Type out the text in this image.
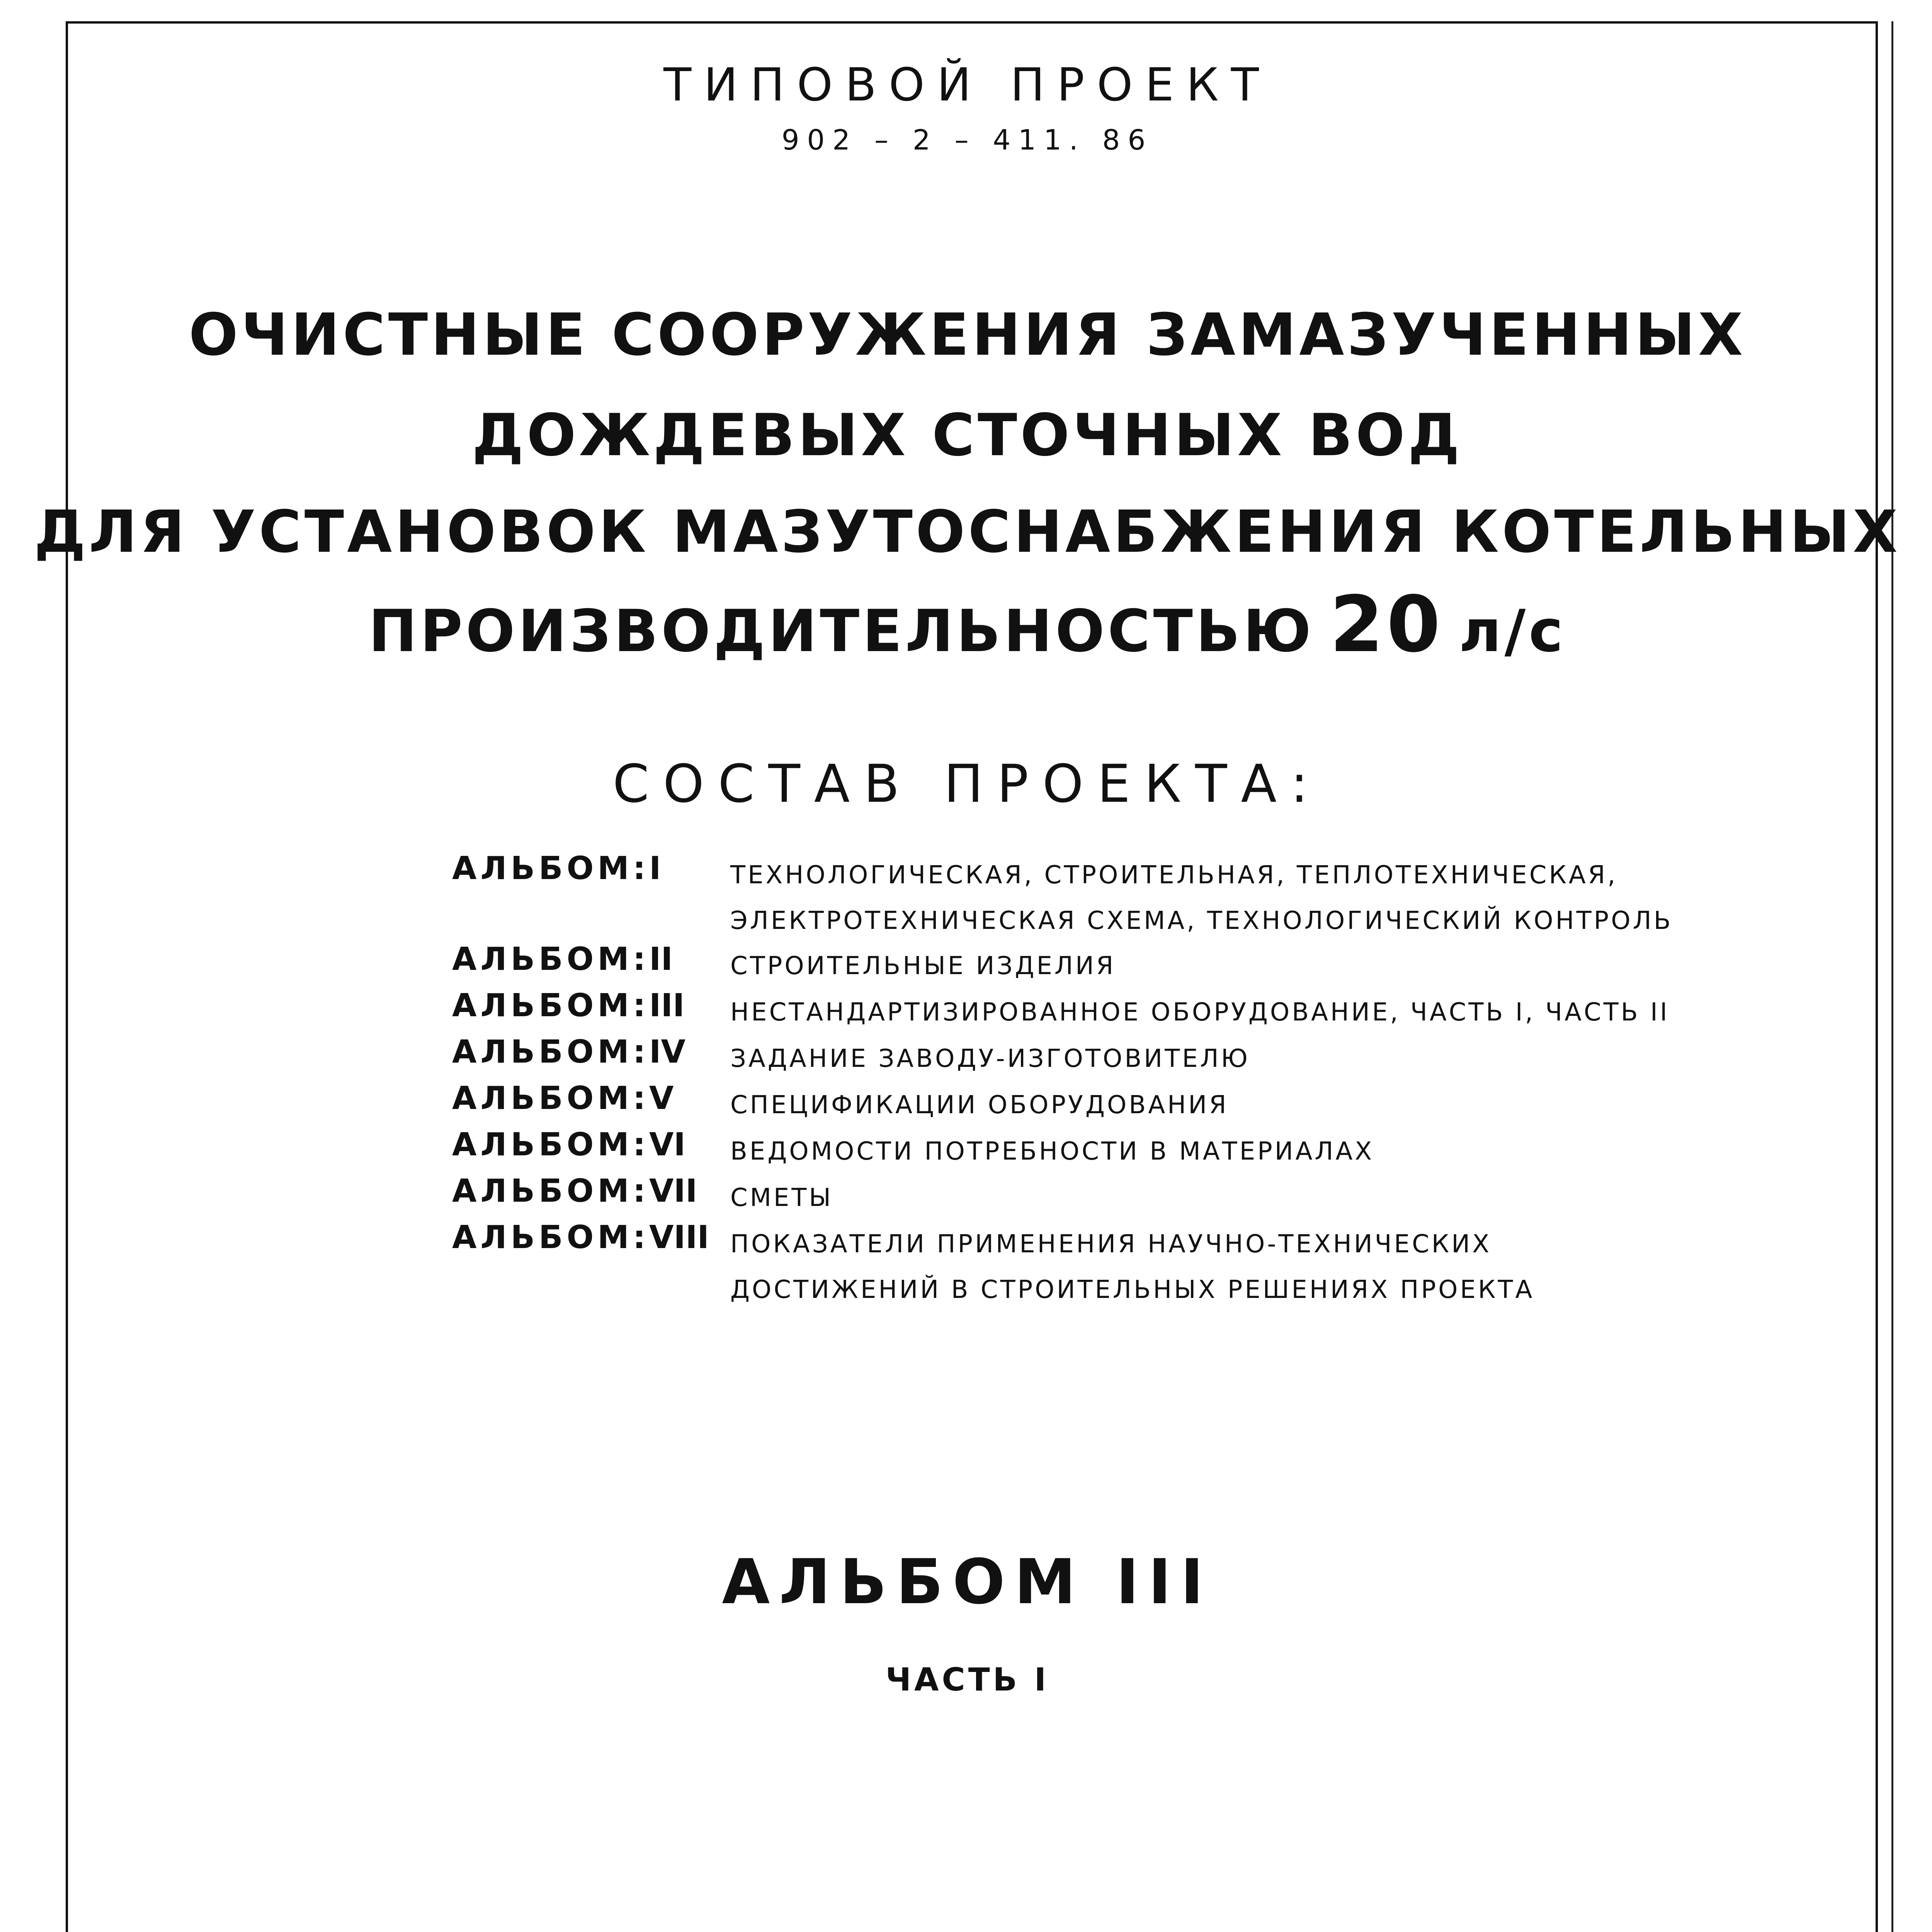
ТИПОВОЙ ПРОЕКТ
902 – 2 – 411. 86
ОЧИСТНЫЕ СООРУЖЕНИЯ ЗАМАЗУЧЕННЫХ
ДОЖДЕВЫХ СТОЧНЫХ ВОД
ДЛЯ УСТАНОВОК МАЗУТОСНАБЖЕНИЯ КОТЕЛЬНЫХ
ПРОИЗВОДИТЕЛЬНОСТЬЮ 20 л/с
СОСТАВ ПРОЕКТА:
АЛЬБОМ: I	ТЕХНОЛОГИЧЕСКАЯ, СТРОИТЕЛЬНАЯ, ТЕПЛОТЕХНИЧЕСКАЯ,
ЭЛЕКТРОТЕХНИЧЕСКАЯ СХЕМА, ТЕХНОЛОГИЧЕСКИЙ КОНТРОЛЬ
АЛЬБОМ: II СТРОИТЕЛЬНЫЕ ИЗДЕЛИЯ
АЛЬБОМ: III НЕСТАНДАРТИЗИРОВАННОЕ ОБОРУДОВАНИЕ, ЧАСТЬ I, ЧАСТЬ II
АЛЬБОМ: IV ЗАДАНИЕ ЗАВОДУ-ИЗГОТОВИТЕЛЮ
АЛЬБОМ: V СПЕЦИФИКАЦИИ ОБОРУДОВАНИЯ
АЛЬБОМ: VI ВЕДОМОСТИ ПОТРЕБНОСТИ В МАТЕРИАЛАХ
АЛЬБОМ: VII СМЕТЫ
АЛЬБОМ: VIII ПОКАЗАТЕЛИ ПРИМЕНЕНИЯ НАУЧНО-ТЕХНИЧЕСКИХ
ДОСТИЖЕНИЙ В СТРОИТЕЛЬНЫХ РЕШЕНИЯХ ПРОЕКТА
АЛЬБОМ III
ЧАСТЬ I
